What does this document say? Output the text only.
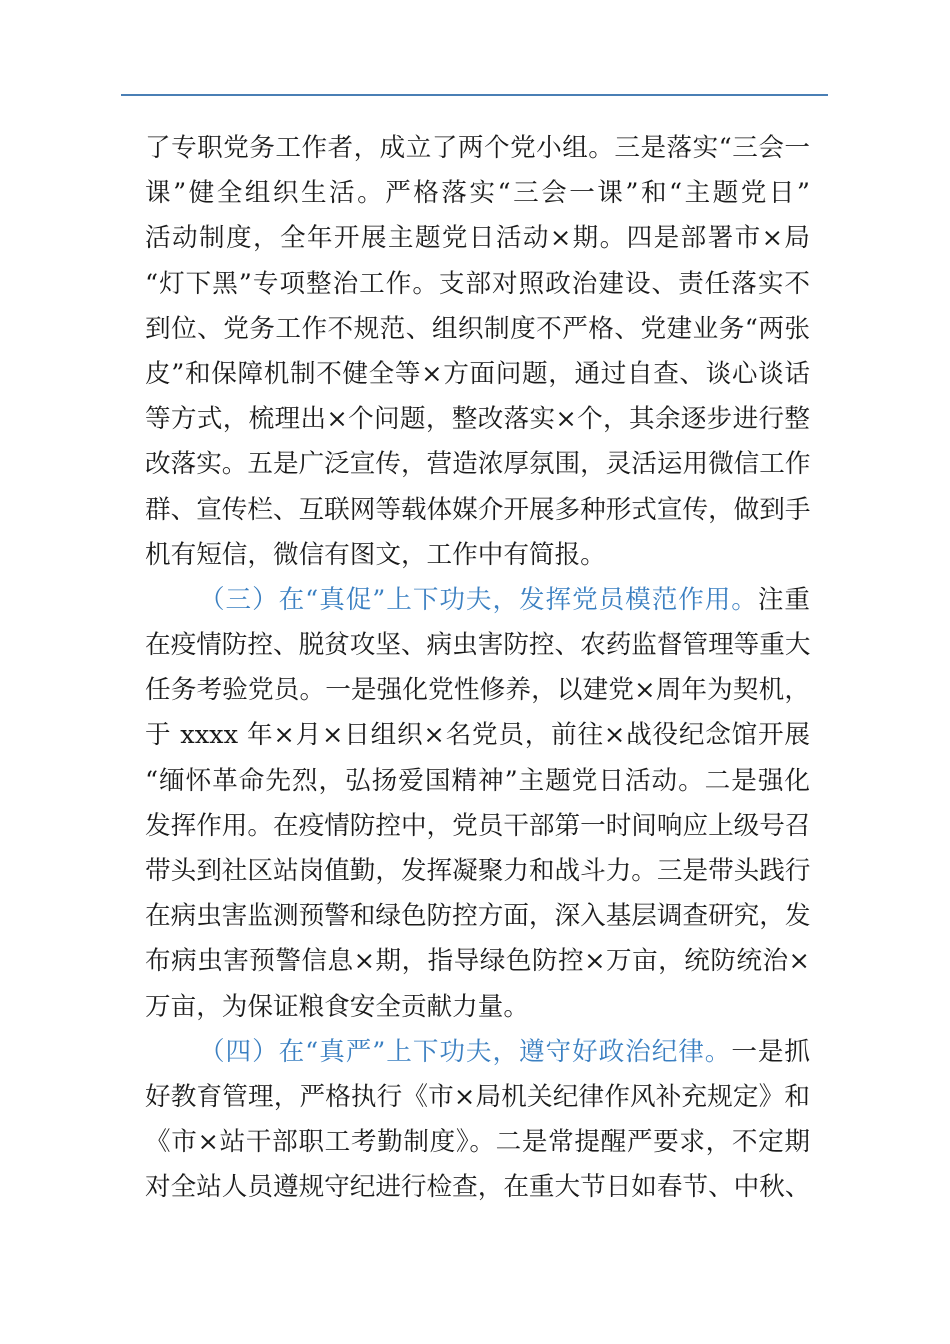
了专职党务工作者，成立了两个党小组。三是落实“三会一
课”健全组织生活。严格落实“三会一课”和“主题党日”
活动制度，全年开展主题党日活动×期。四是部署市×局
“灯下黑”专项整治工作。支部对照政治建设、责任落实不
到位、党务工作不规范、组织制度不严格、党建业务“两张
皮”和保障机制不健全等×方面问题，通过自查、谈心谈话
等方式，梳理出×个问题，整改落实×个，其余逐步进行整
改落实。五是广泛宣传，营造浓厚氛围，灵活运用微信工作
群、宣传栏、互联网等载体媒介开展多种形式宣传，做到手
机有短信，微信有图文，工作中有简报。
（三）在“真促”上下功夫，发挥党员模范作用。注重
在疫情防控、脱贫攻坚、病虫害防控、农药监督管理等重大
任务考验党员。一是强化党性修养，以建党×周年为契机，
于 xxxx 年×月×日组织×名党员，前往×战役纪念馆开展
“缅怀革命先烈，弘扬爱国精神”主题党日活动。二是强化
发挥作用。在疫情防控中，党员干部第一时间响应上级号召
带头到社区站岗值勤，发挥凝聚力和战斗力。三是带头践行
在病虫害监测预警和绿色防控方面，深入基层调查研究，发
布病虫害预警信息×期，指导绿色防控×万亩，统防统治×
万亩，为保证粮食安全贡献力量。
（四）在“真严”上下功夫，遵守好政治纪律。一是抓
好教育管理，严格执行《市×局机关纪律作风补充规定》和
《市×站干部职工考勤制度》。二是常提醒严要求，不定期
对全站人员遵规守纪进行检查，在重大节日如春节、中秋、
